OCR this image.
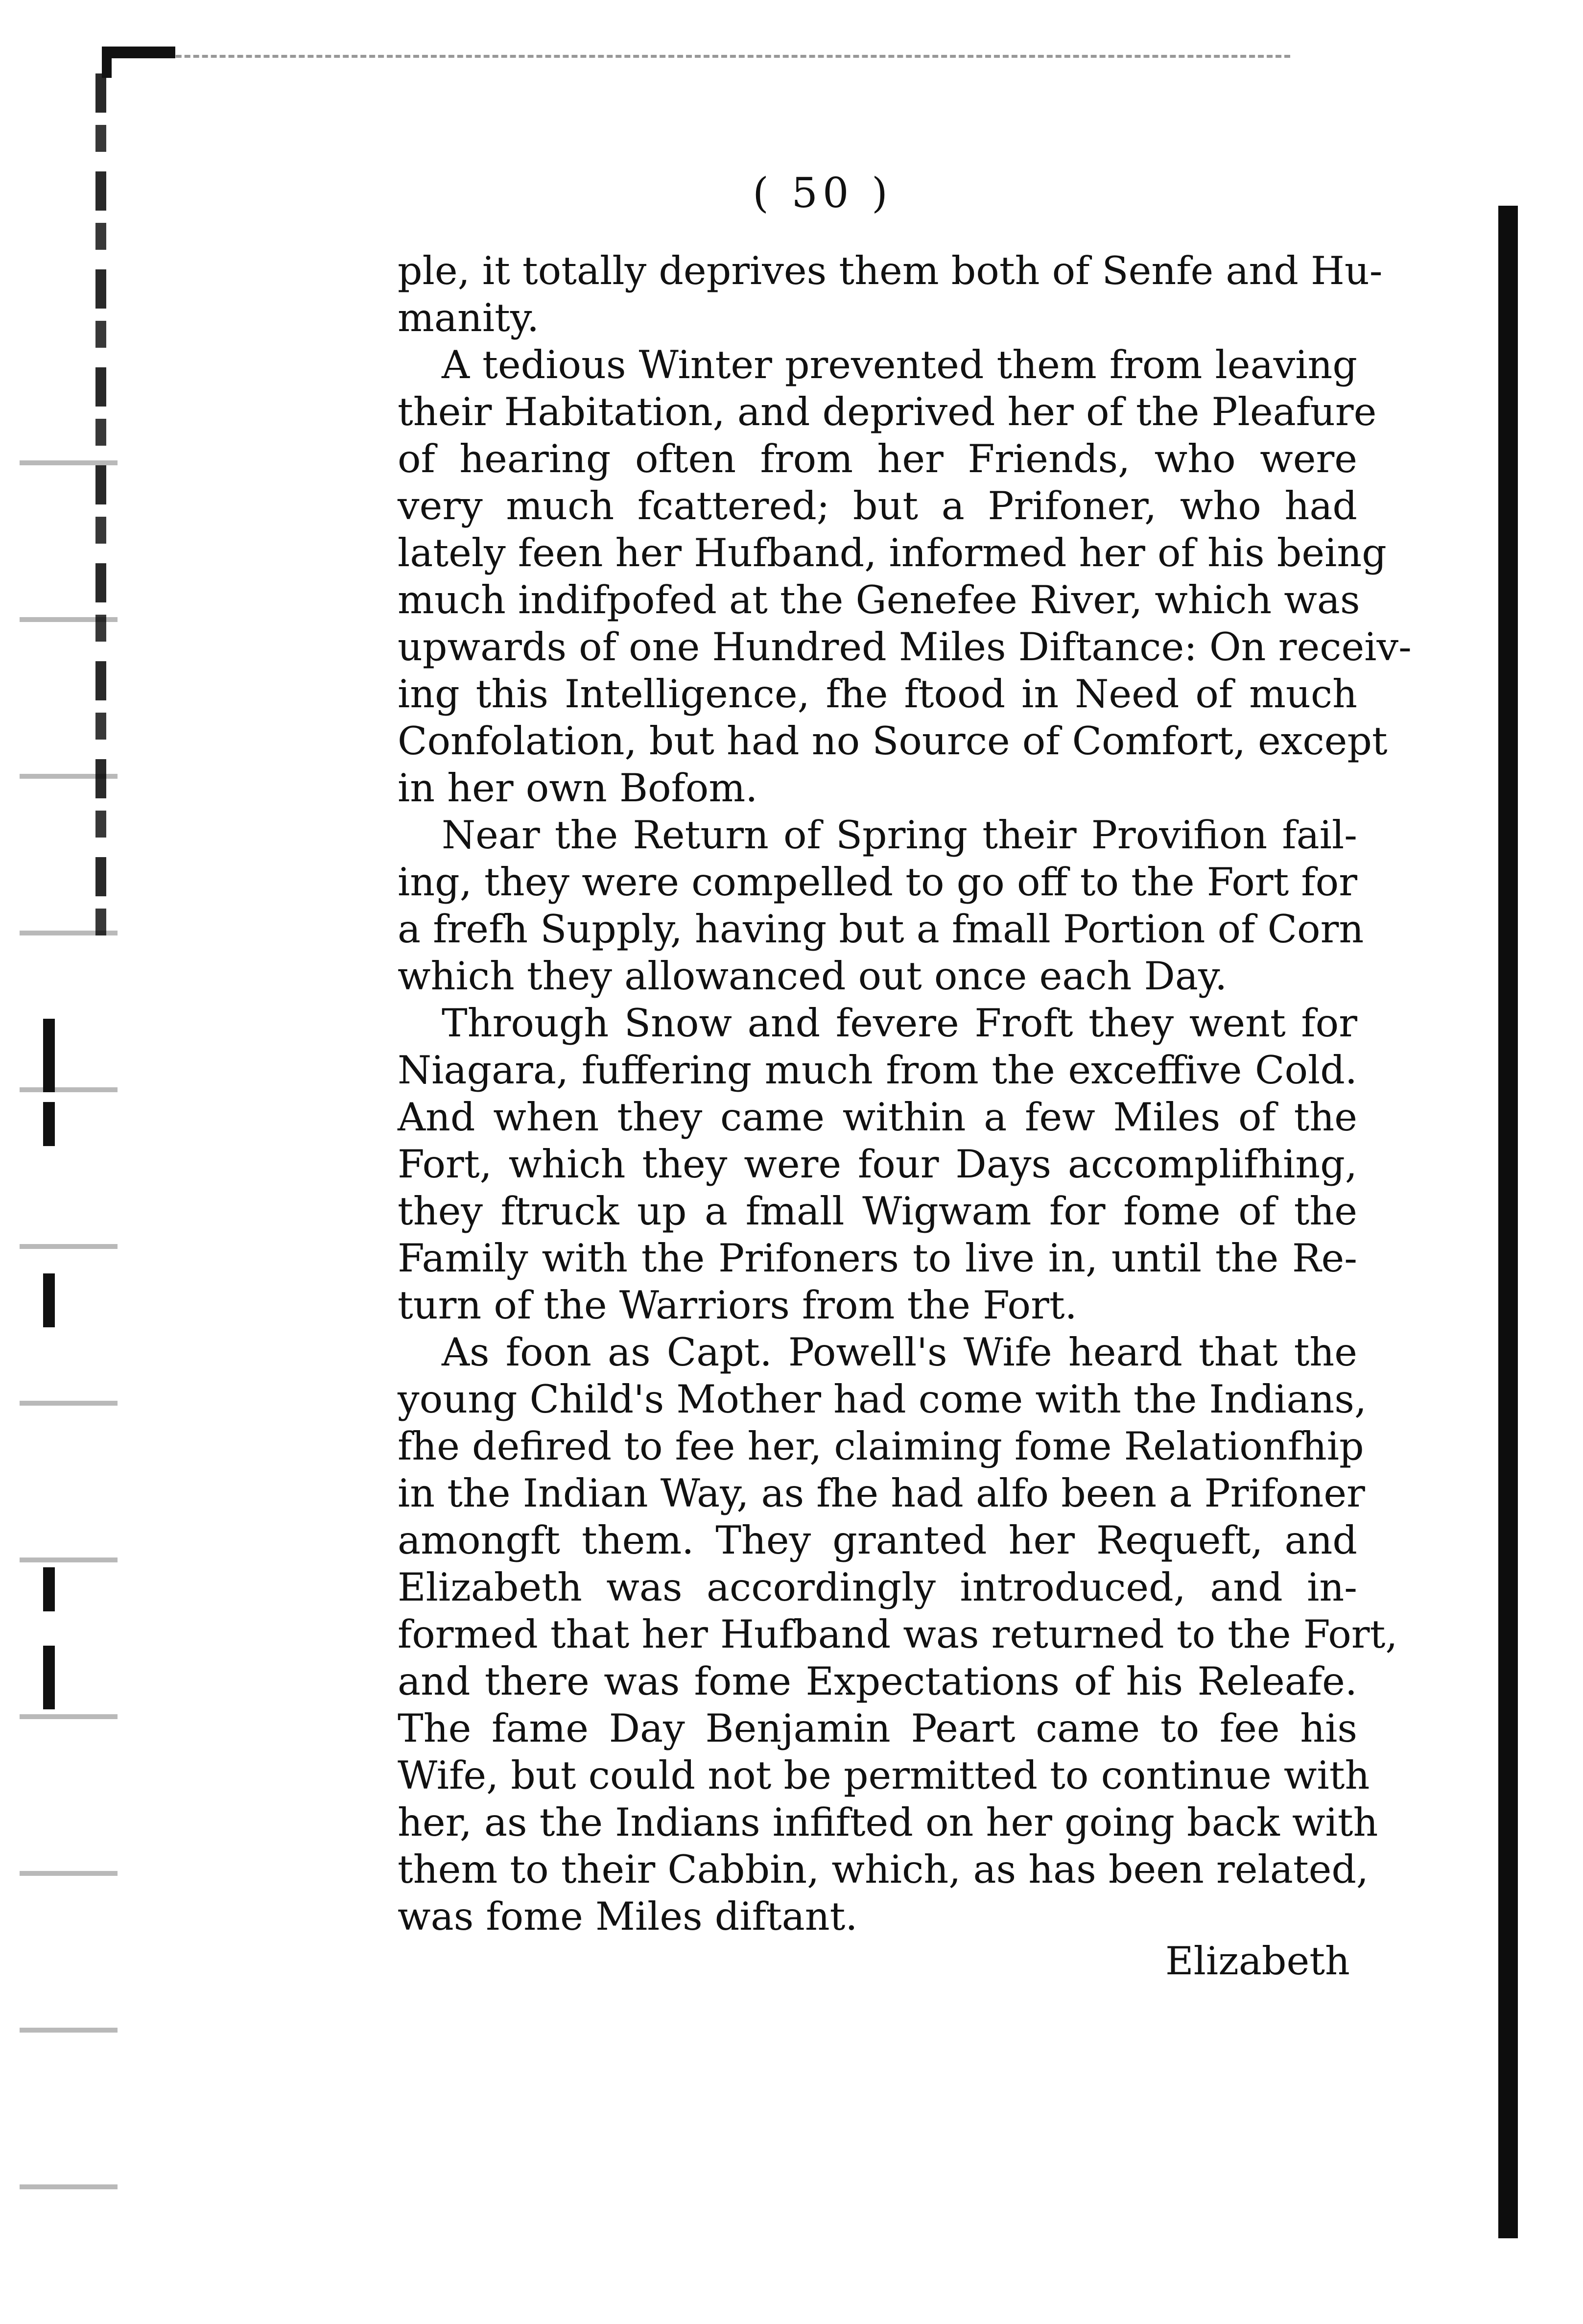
( 50 )
ple, it totally deprives them both of Senfe and Hu-
manity.
A tedious Winter prevented them from leaving
their Habitation, and deprived her of the Pleafure
of hearing often from her Friends, who were
very much fcattered; but a Prifoner, who had
lately feen her Hufband, informed her of his being
much indifpofed at the Genefee River, which was
upwards of one Hundred Miles Diftance: On receiv-
ing this Intelligence, fhe ftood in Need of much
Confolation, but had no Source of Comfort, except
in her own Bofom.
Near the Return of Spring their Provifion fail-
ing, they were compelled to go off to the Fort for
a frefh Supply, having but a fmall Portion of Corn
which they allowanced out once each Day.
Through Snow and fevere Froft they went for
Niagara, fuffering much from the exceffive Cold.
And when they came within a few Miles of the
Fort, which they were four Days accomplifhing,
they ftruck up a fmall Wigwam for fome of the
Family with the Prifoners to live in, until the Re-
turn of the Warriors from the Fort.
As foon as Capt. Powell's Wife heard that the
young Child's Mother had come with the Indians,
fhe defired to fee her, claiming fome Relationfhip
in the Indian Way, as fhe had alfo been a Prifoner
amongft them. They granted her Requeft, and
Elizabeth was accordingly introduced, and in-
formed that her Hufband was returned to the Fort,
and there was fome Expectations of his Releafe.
The fame Day Benjamin Peart came to fee his
Wife, but could not be permitted to continue with
her, as the Indians infifted on her going back with
them to their Cabbin, which, as has been related,
was fome Miles diftant.
Elizabeth
